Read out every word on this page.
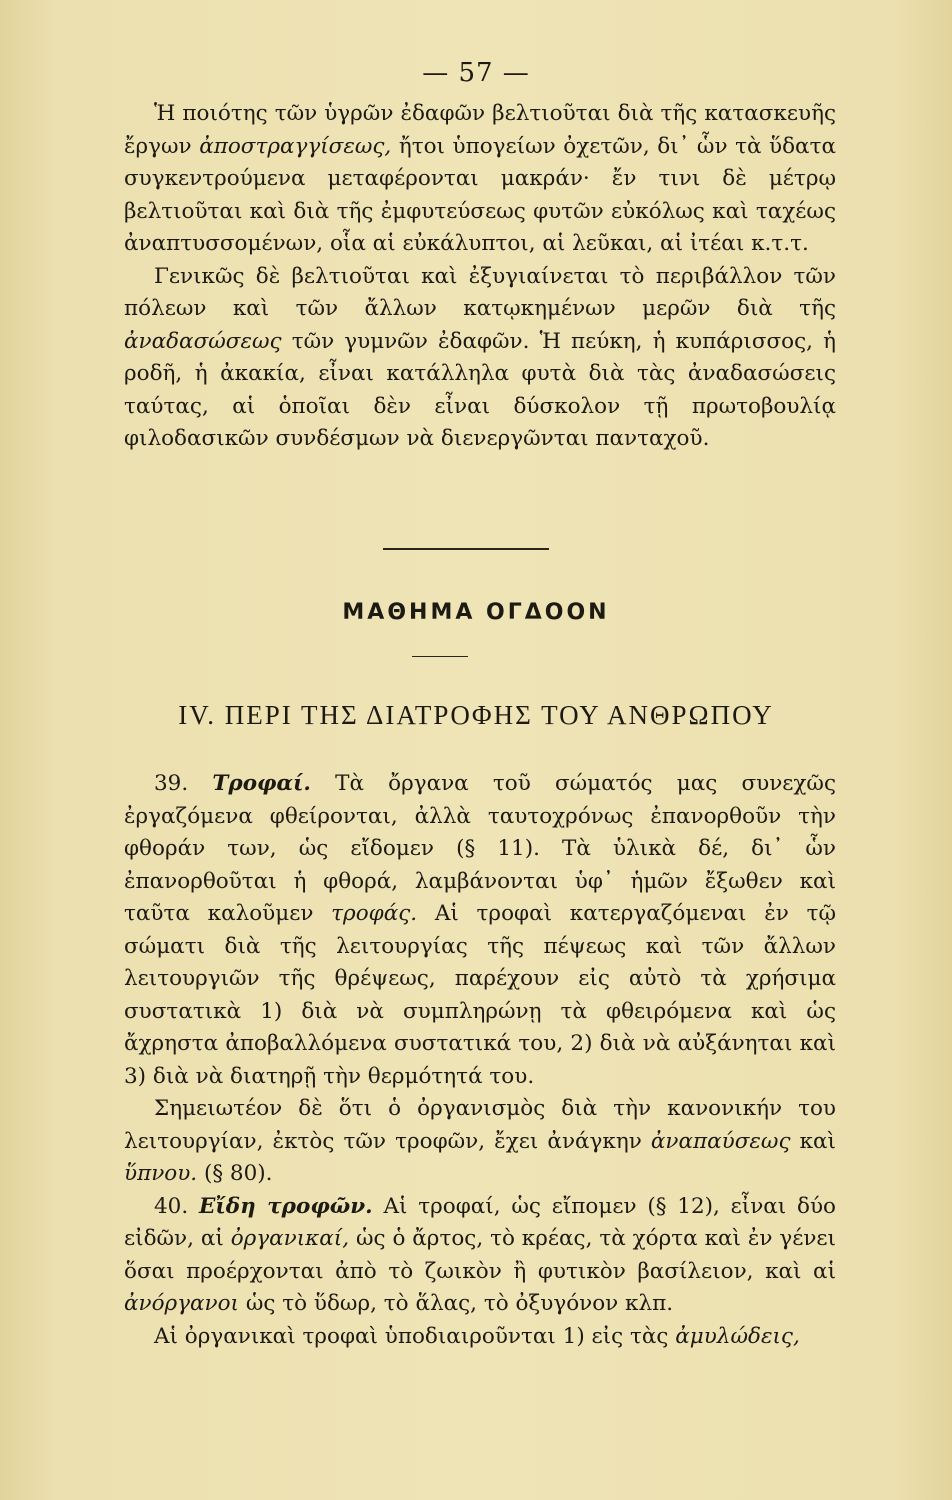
— 57 —

Ἡ ποιότης τῶν ὑγρῶν ἐδαφῶν βελτιοῦται διὰ τῆς κατασκευῆς ἔργων ἀποστραγγίσεως, ἤτοι ὑπογείων ὀχετῶν, δι᾽ ὧν τὰ ὕδατα συγκεντρούμενα μεταφέρονται μακράν· ἔν τινι δὲ μέτρῳ βελτιοῦται καὶ διὰ τῆς ἐμφυτεύσεως φυτῶν εὐκόλως καὶ ταχέως ἀναπτυσσομένων, οἷα αἱ εὐκάλυπτοι, αἱ λεῦκαι, αἱ ἰτέαι κ.τ.τ.

Γενικῶς δὲ βελτιοῦται καὶ ἐξυγιαίνεται τὸ περιβάλλον τῶν πόλεων καὶ τῶν ἄλλων κατῳκημένων μερῶν διὰ τῆς ἀναδασώσεως τῶν γυμνῶν ἐδαφῶν. Ἡ πεύκη, ἡ κυπάρισσος, ἡ ροδῆ, ἡ ἀκακία, εἶναι κατάλληλα φυτὰ διὰ τὰς ἀναδασώσεις ταύτας, αἱ ὁποῖαι δὲν εἶναι δύσκολον τῇ πρωτοβουλίᾳ φιλοδασικῶν συνδέσμων νὰ διενεργῶνται πανταχοῦ.

ΜΑΘΗΜΑ ΟΓΔΟΟΝ
IV. ΠΕΡΙ ΤΗΣ ΔΙΑΤΡΟΦΗΣ ΤΟΥ ΑΝΘΡΩΠΟΥ

39. Τροφαί. Τὰ ὄργανα τοῦ σώματός μας συνεχῶς ἐργαζόμενα φθείρονται, ἀλλὰ ταυτοχρόνως ἐπανορθοῦν τὴν φθοράν των, ὡς εἴδομεν (§ 11). Τὰ ὑλικὰ δέ, δι᾽ ὧν ἐπανορθοῦται ἡ φθορά, λαμβάνονται ὑφ᾽ ἡμῶν ἔξωθεν καὶ ταῦτα καλοῦμεν τροφάς. Αἱ τροφαὶ κατεργαζόμεναι ἐν τῷ σώματι διὰ τῆς λειτουργίας τῆς πέψεως καὶ τῶν ἄλλων λειτουργιῶν τῆς θρέψεως, παρέχουν εἰς αὐτὸ τὰ χρήσιμα συστατικὰ 1) διὰ νὰ συμπληρώνῃ τὰ φθειρόμενα καὶ ὡς ἄχρηστα ἀποβαλλόμενα συστατικά του, 2) διὰ νὰ αὐξάνηται καὶ 3) διὰ νὰ διατηρῇ τὴν θερμότητά του.

Σημειωτέον δὲ ὅτι ὁ ὀργανισμὸς διὰ τὴν κανονικήν του λειτουργίαν, ἐκτὸς τῶν τροφῶν, ἔχει ἀνάγκην ἀναπαύσεως καὶ ὕπνου. (§ 80).

40. Εἴδη τροφῶν. Αἱ τροφαί, ὡς εἴπομεν (§ 12), εἶναι δύο εἰδῶν, αἱ ὀργανικαί, ὡς ὁ ἄρτος, τὸ κρέας, τὰ χόρτα καὶ ἐν γένει ὅσαι προέρχονται ἀπὸ τὸ ζωικὸν ἢ φυτικὸν βασίλειον, καὶ αἱ ἀνόργανοι ὡς τὸ ὕδωρ, τὸ ἅλας, τὸ ὀξυγόνον κλπ.

Αἱ ὀργανικαὶ τροφαὶ ὑποδιαιροῦνται 1) εἰς τὰς ἀμυλώδεις,
